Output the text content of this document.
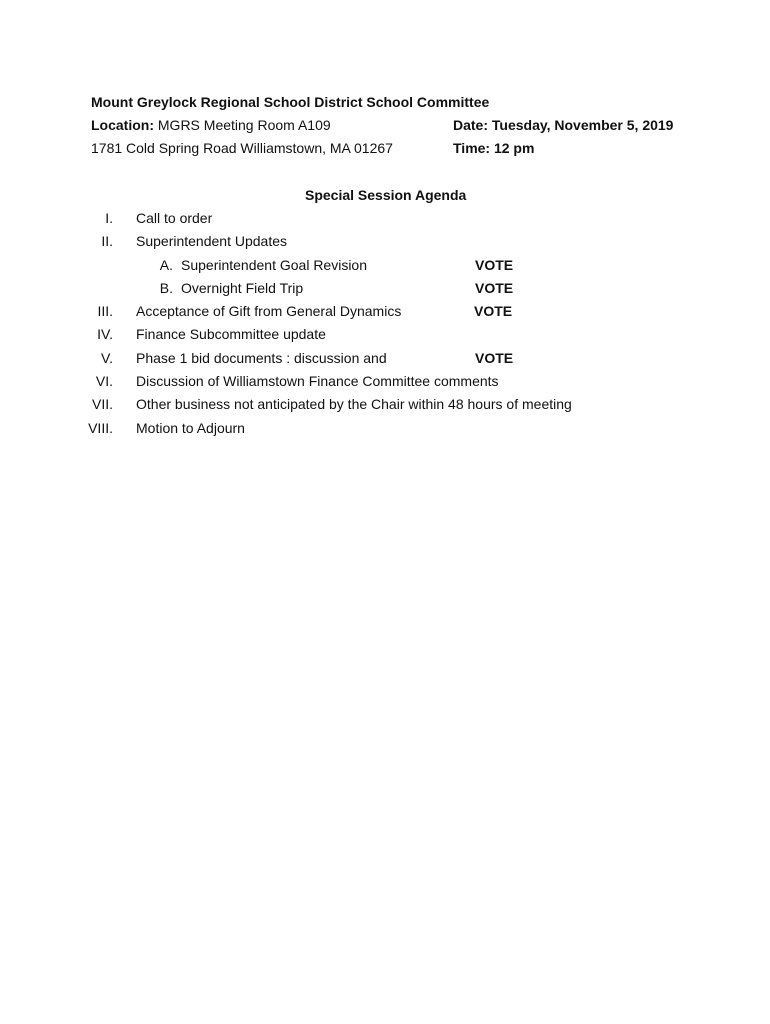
Mount Greylock Regional School District School Committee
Location: MGRS Meeting Room A109	Date: Tuesday, November 5, 2019
1781 Cold Spring Road Williamstown, MA 01267	Time: 12 pm
Special Session Agenda
I. Call to order
II. Superintendent Updates
A. Superintendent Goal Revision	VOTE
B. Overnight Field Trip	VOTE
III. Acceptance of Gift from General Dynamics	VOTE
IV. Finance Subcommittee update
V. Phase 1 bid documents : discussion and	VOTE
VI. Discussion of Williamstown Finance Committee comments
VII. Other business not anticipated by the Chair within 48 hours of meeting
VIII. Motion to Adjourn
